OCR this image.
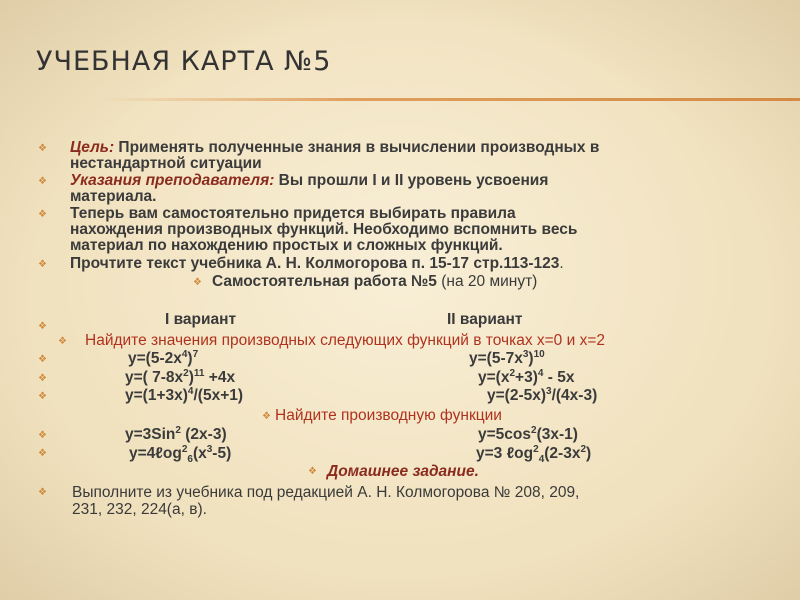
УЧЕБНАЯ КАРТА №5
❖
❖
❖
❖
❖
❖
❖
❖
❖
❖
❖
❖
❖
❖
❖
Цель: Применять полученные знания в вычислении производных в
нестандартной ситуации
Указания преподавателя: Вы прошли I и II уровень усвоения
материала.
Теперь вам самостоятельно придется выбирать правила
нахождения производных функций. Необходимо вспомнить весь
материал по нахождению простых и сложных функций.
Прочтите текст учебника А. Н. Колмогорова п. 15-17 стр.113-123.
Самостоятельная работа №5 (на 20 минут)
I вариант	II вариант
Найдите значения производных следующих функций в точках х=0 и х=2
$y=(5-2x^4)^7$	$y=(5-7x^3)^{10}$
y=( $7-8x^2)^{11} +4x$	$y=(x^2+3)^4 - 5x$
$y=(1+3x)^4/(5x+1)$	$y=(2-5x)^3/(4x-3)$
Найдите производную функции
y=3Sin$^2$ (2x-3)	$y=5\cos^2(3x-1)$
$y=4\ell og^2_6(x^3-5)$	y=3 $\ell og^2_4(2-3x^2)$
Домашнее задание.
Выполните из учебника под редакцией А. Н. Колмогорова № 208, 209,
231, 232, 224(а, в).
